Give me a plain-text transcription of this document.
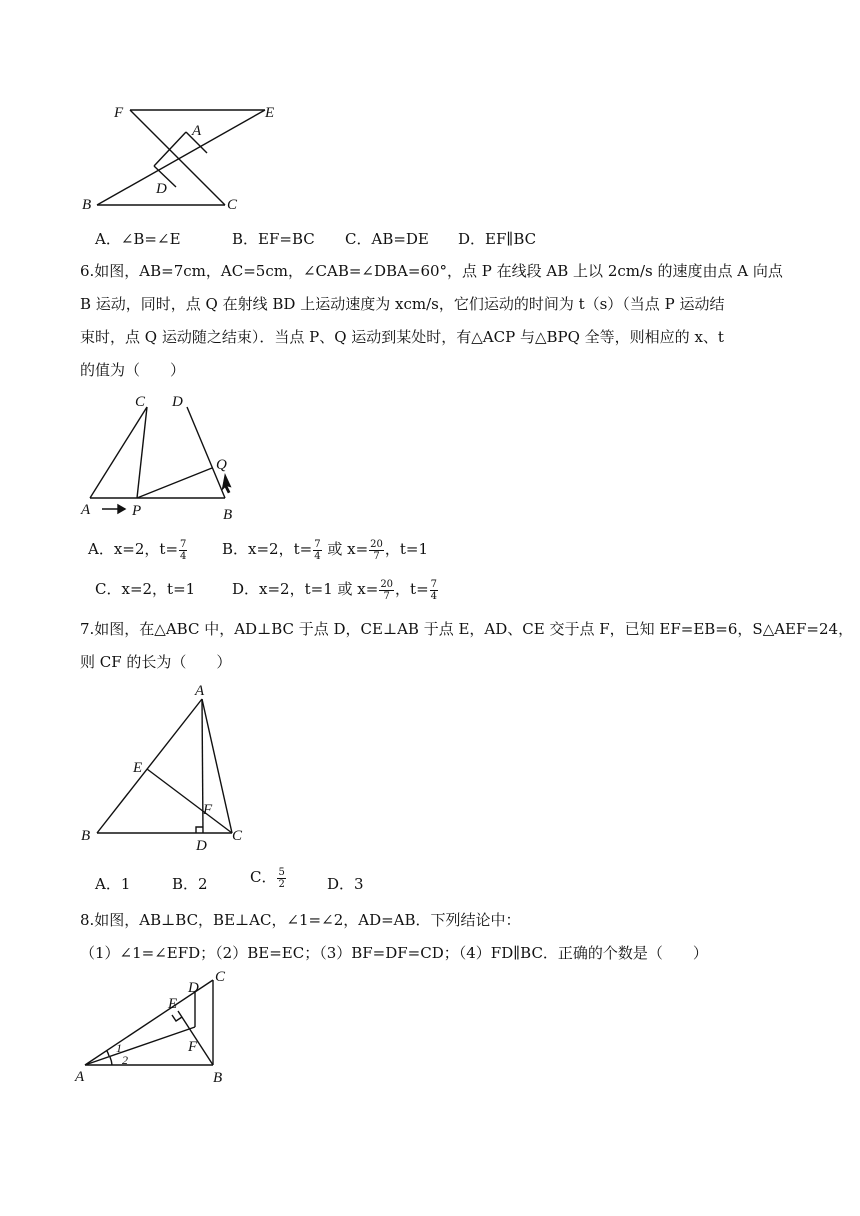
F	E
A
D
B	C
A．∠B=∠E	B．EF=BC C．AB=DE D．EF∥BC
6.如图，AB=7cm，AC=5cm，∠CAB=∠DBA=60°，点 P 在线段 AB 上以 2cm/s 的速度由点 A 向点
B 运动，同时，点 Q 在射线 BD 上运动速度为 xcm/s，它们运动的时间为 t（s）（当点 P 运动结
束时，点 Q 运动随之结束）．当点 P、Q 运动到某处时，有△ACP 与△BPQ 全等，则相应的 x、t
的值为（　　）
C D
Q
A	P	B
A．x=2，$t= \frac{7}{4}$ B．x=2，$t= \frac{7}{4}$ 或 $x= \frac{20}{7}$ ，t=1
C．x=2，t=1 D．x=2，t=1 或 $x= \frac{20}{7}$ ，$t= \frac{7}{4}$
7.如图，在△ABC 中，AD⊥BC 于点 D，CE⊥AB 于点 E，AD、CE 交于点 F，已知 EF=EB=6，S△AEF=24，
则 CF 的长为（　　）
A
E
F
B
D
C
A．1	B．2	C． $\frac{5}{2}$	D．3
8.如图，AB⊥BC，BE⊥AC，∠1=∠2，AD=AB．下列结论中：
（1）∠1=∠EFD；（2）BE=EC；（3）BF=DF=CD；（4）FD∥BC．正确的个数是（　　）
C
D
E
F
1
2
A	B
